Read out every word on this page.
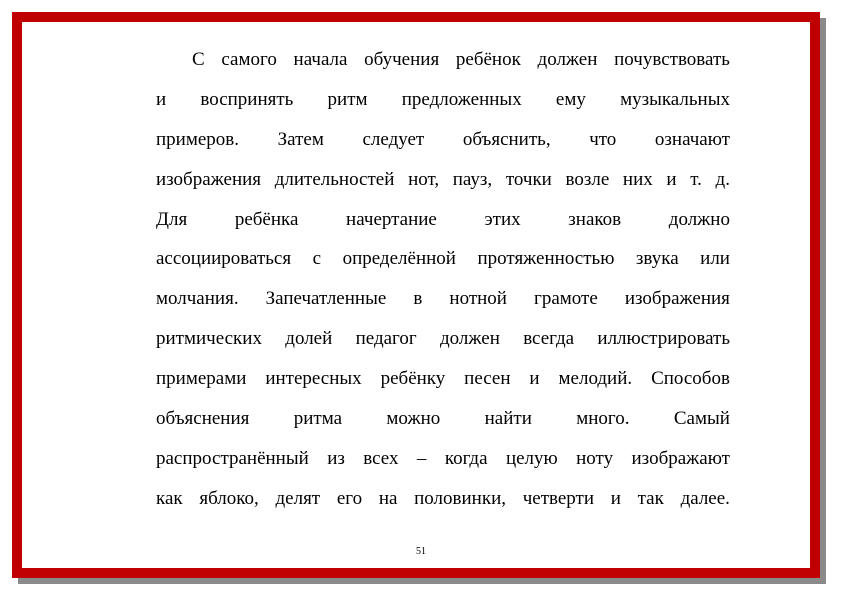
С самого начала обучения ребёнок должен почувствовать
и воспринять ритм предложенных ему музыкальных
примеров. Затем следует объяснить, что означают
изображения длительностей нот, пауз, точки возле них и т. д.
Для	ребёнка	начертание	этих	знаков	должно
ассоциироваться с определённой протяженностью звука или
молчания. Запечатленные в нотной грамоте изображения
ритмических долей педагог должен всегда иллюстрировать
примерами интересных ребёнку песен и мелодий. Способов
объяснения ритма можно найти много. Самый
распространённый из всех – когда целую ноту изображают
как яблоко, делят его на половинки, четверти и так далее.
51
